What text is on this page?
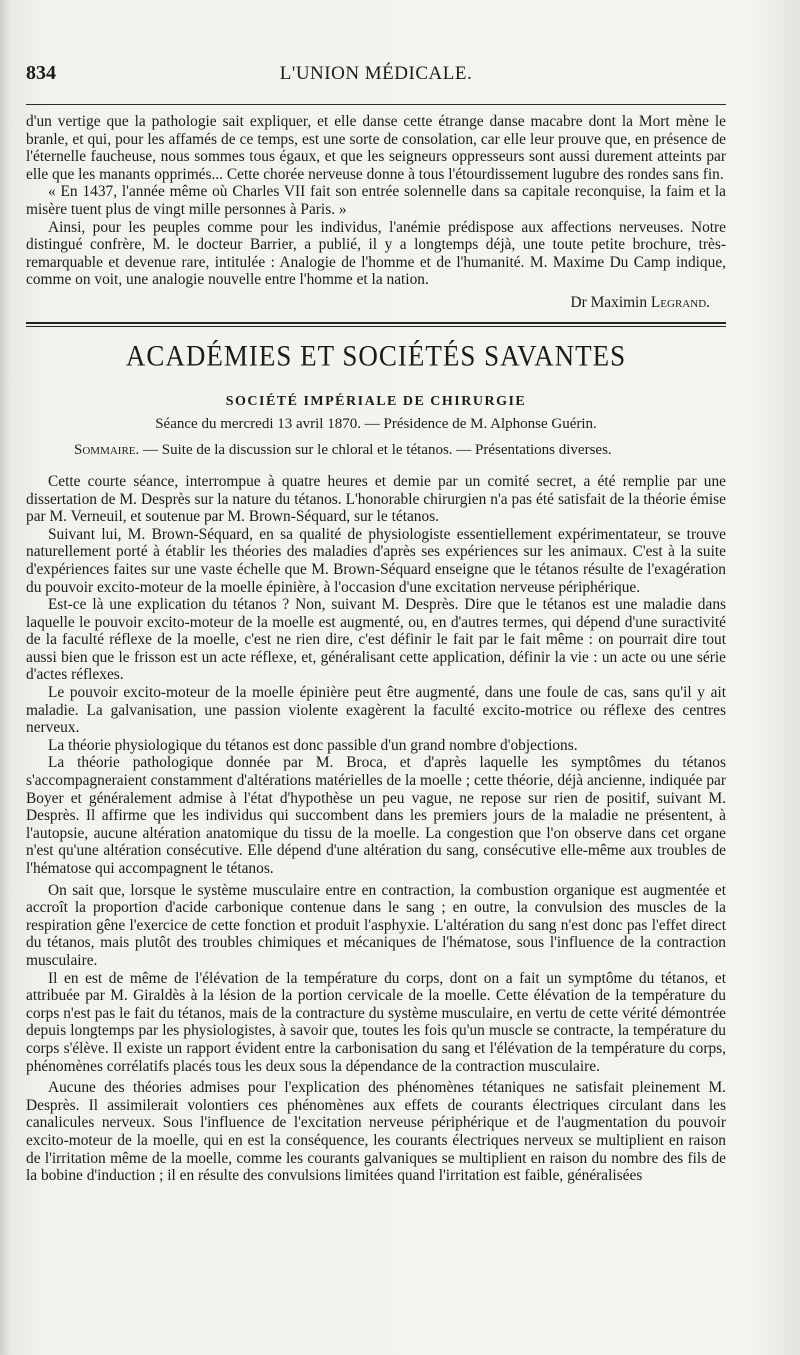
834	L'UNION MÉDICALE.

d'un vertige que la pathologie sait expliquer, et elle danse cette étrange danse macabre dont la Mort mène le branle, et qui, pour les affamés de ce temps, est une sorte de consolation, car elle leur prouve que, en présence de l'éternelle faucheuse, nous sommes tous égaux, et que les seigneurs oppresseurs sont aussi durement atteints par elle que les manants opprimés... Cette chorée nerveuse donne à tous l'étourdissement lugubre des rondes sans fin.

« En 1437, l'année même où Charles VII fait son entrée solennelle dans sa capitale reconquise, la faim et la misère tuent plus de vingt mille personnes à Paris. »

Ainsi, pour les peuples comme pour les individus, l'anémie prédispose aux affections nerveuses. Notre distingué confrère, M. le docteur Barrier, a publié, il y a longtemps déjà, une toute petite brochure, très-remarquable et devenue rare, intitulée : Analogie de l'homme et de l'humanité. M. Maxime Du Camp indique, comme on voit, une analogie nouvelle entre l'homme et la nation.

Dr Maximin Legrand.
ACADÉMIES ET SOCIÉTÉS SAVANTES
SOCIÉTÉ IMPÉRIALE DE CHIRURGIE
Séance du mercredi 13 avril 1870. — Présidence de M. Alphonse Guérin.
Sommaire. — Suite de la discussion sur le chloral et le tétanos. — Présentations diverses.

Cette courte séance, interrompue à quatre heures et demie par un comité secret, a été remplie par une dissertation de M. Desprès sur la nature du tétanos. L'honorable chirurgien n'a pas été satisfait de la théorie émise par M. Verneuil, et soutenue par M. Brown-Séquard, sur le tétanos.

Suivant lui, M. Brown-Séquard, en sa qualité de physiologiste essentiellement expérimentateur, se trouve naturellement porté à établir les théories des maladies d'après ses expériences sur les animaux. C'est à la suite d'expériences faites sur une vaste échelle que M. Brown-Séquard enseigne que le tétanos résulte de l'exagération du pouvoir excito-moteur de la moelle épinière, à l'occasion d'une excitation nerveuse périphérique.

Est-ce là une explication du tétanos ? Non, suivant M. Desprès. Dire que le tétanos est une maladie dans laquelle le pouvoir excito-moteur de la moelle est augmenté, ou, en d'autres termes, qui dépend d'une suractivité de la faculté réflexe de la moelle, c'est ne rien dire, c'est définir le fait par le fait même : on pourrait dire tout aussi bien que le frisson est un acte réflexe, et, généralisant cette application, définir la vie : un acte ou une série d'actes réflexes.

Le pouvoir excito-moteur de la moelle épinière peut être augmenté, dans une foule de cas, sans qu'il y ait maladie. La galvanisation, une passion violente exagèrent la faculté excito-motrice ou réflexe des centres nerveux.

La théorie physiologique du tétanos est donc passible d'un grand nombre d'objections.

La théorie pathologique donnée par M. Broca, et d'après laquelle les symptômes du tétanos s'accompagneraient constamment d'altérations matérielles de la moelle ; cette théorie, déjà ancienne, indiquée par Boyer et généralement admise à l'état d'hypothèse un peu vague, ne repose sur rien de positif, suivant M. Desprès. Il affirme que les individus qui succombent dans les premiers jours de la maladie ne présentent, à l'autopsie, aucune altération anatomique du tissu de la moelle. La congestion que l'on observe dans cet organe n'est qu'une altération consécutive. Elle dépend d'une altération du sang, consécutive elle-même aux troubles de l'hématose qui accompagnent le tétanos.

On sait que, lorsque le système musculaire entre en contraction, la combustion organique est augmentée et accroît la proportion d'acide carbonique contenue dans le sang ; en outre, la convulsion des muscles de la respiration gêne l'exercice de cette fonction et produit l'asphyxie. L'altération du sang n'est donc pas l'effet direct du tétanos, mais plutôt des troubles chimiques et mécaniques de l'hématose, sous l'influence de la contraction musculaire.

Il en est de même de l'élévation de la température du corps, dont on a fait un symptôme du tétanos, et attribuée par M. Giraldès à la lésion de la portion cervicale de la moelle. Cette élévation de la température du corps n'est pas le fait du tétanos, mais de la contracture du système musculaire, en vertu de cette vérité démontrée depuis longtemps par les physiologistes, à savoir que, toutes les fois qu'un muscle se contracte, la température du corps s'élève. Il existe un rapport évident entre la carbonisation du sang et l'élévation de la température du corps, phénomènes corrélatifs placés tous les deux sous la dépendance de la contraction musculaire.

Aucune des théories admises pour l'explication des phénomènes tétaniques ne satisfait pleinement M. Desprès. Il assimilerait volontiers ces phénomènes aux effets de courants électriques circulant dans les canalicules nerveux. Sous l'influence de l'excitation nerveuse périphérique et de l'augmentation du pouvoir excito-moteur de la moelle, qui en est la conséquence, les courants électriques nerveux se multiplient en raison de l'irritation même de la moelle, comme les courants galvaniques se multiplient en raison du nombre des fils de la bobine d'induction ; il en résulte des convulsions limitées quand l'irritation est faible, généralisées
